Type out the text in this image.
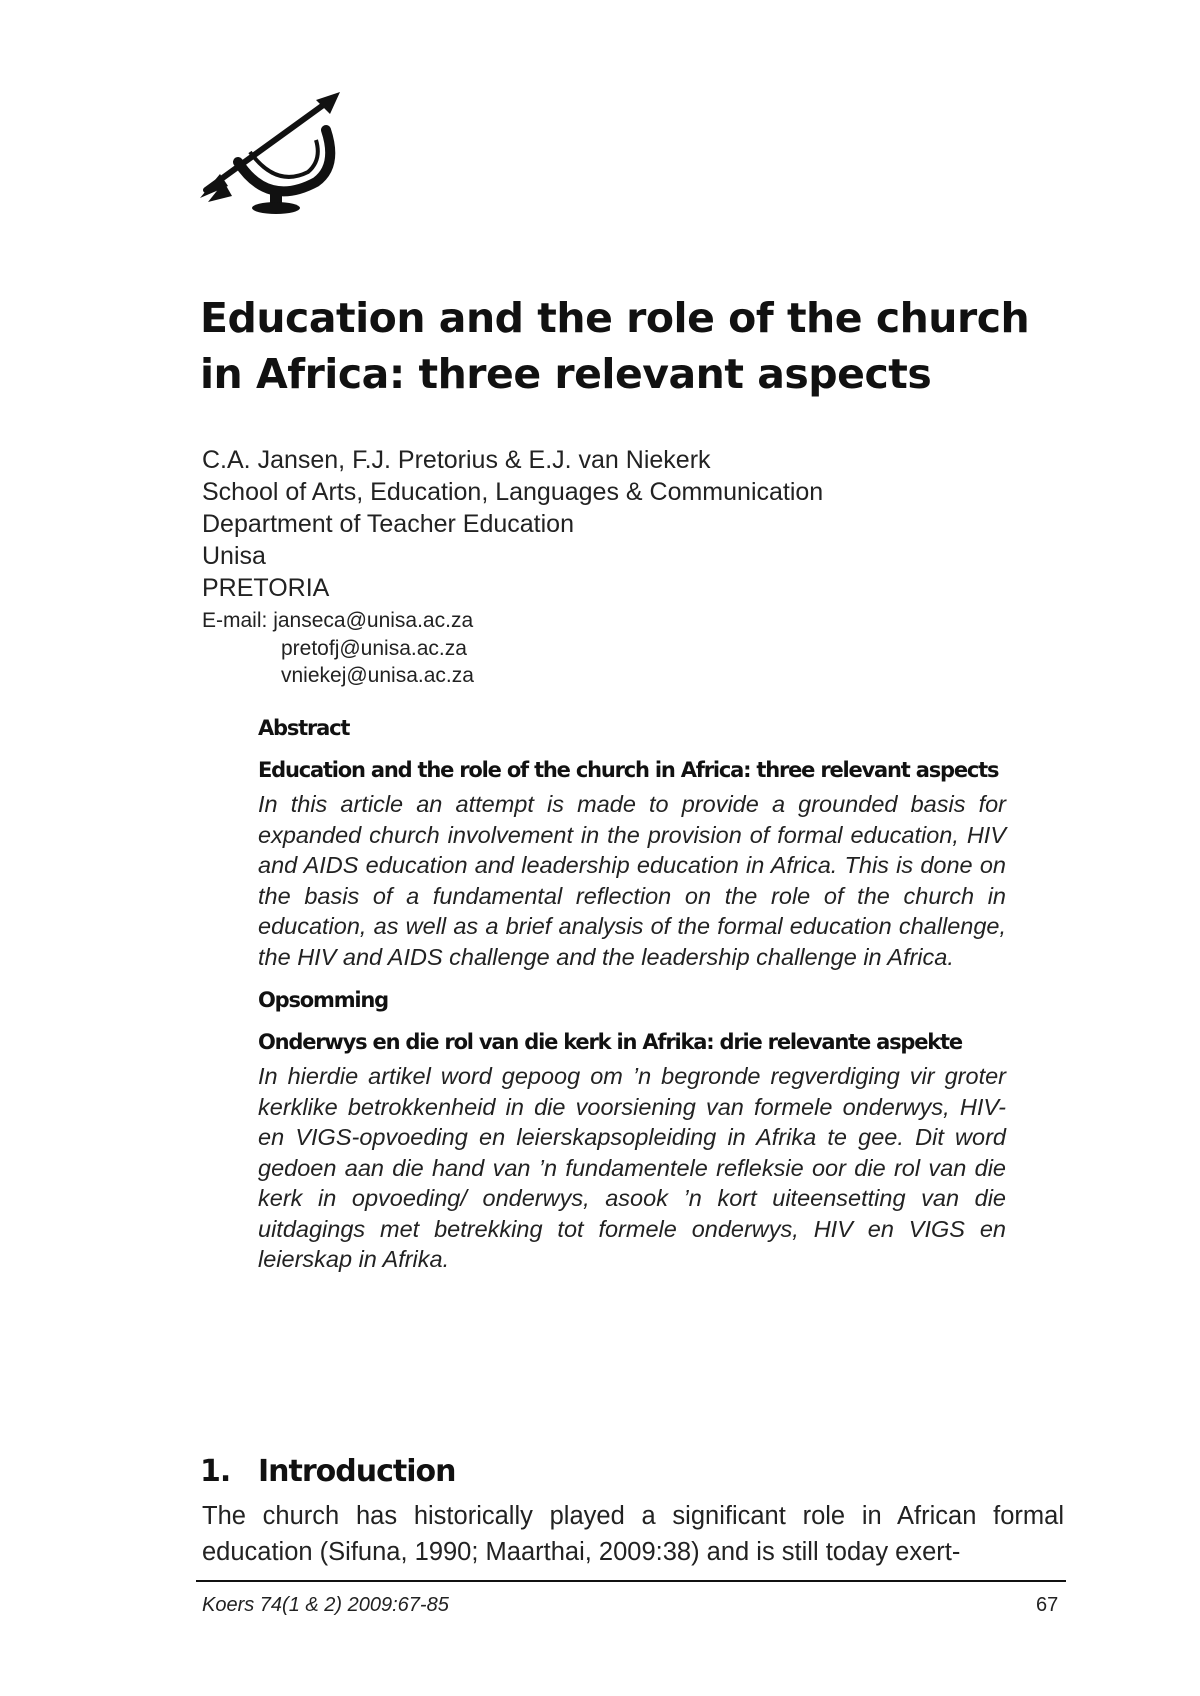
Education and the role of the church in Africa: three relevant aspects
C.A. Jansen, F.J. Pretorius & E.J. van Niekerk
School of Arts, Education, Languages & Communication
Department of Teacher Education
Unisa
PRETORIA
E-mail: janseca@unisa.ac.za
pretofj@unisa.ac.za
vniekej@unisa.ac.za
Abstract
Education and the role of the church in Africa: three relevant aspects

In this article an attempt is made to provide a grounded basis for expanded church involvement in the provision of formal education, HIV and AIDS education and leadership education in Africa. This is done on the basis of a fundamental reflection on the role of the church in education, as well as a brief analysis of the formal education challenge, the HIV and AIDS challenge and the leadership challenge in Africa.

Opsomming
Onderwys en die rol van die kerk in Afrika: drie relevante aspekte

In hierdie artikel word gepoog om ’n begronde regverdiging vir groter kerklike betrokkenheid in die voorsiening van formele onderwys, HIV- en VIGS-opvoeding en leierskapsopleiding in Afrika te gee. Dit word gedoen aan die hand van ’n fundamentele refleksie oor die rol van die kerk in opvoeding/ onderwys, asook ’n kort uiteensetting van die uitdagings met betrekking tot formele onderwys, HIV en VIGS en leierskap in Afrika.

1. Introduction

The church has historically played a significant role in African formal education (Sifuna, 1990; Maarthai, 2009:38) and is still today exert-

Koers 74(1 & 2) 2009:67-85	67
